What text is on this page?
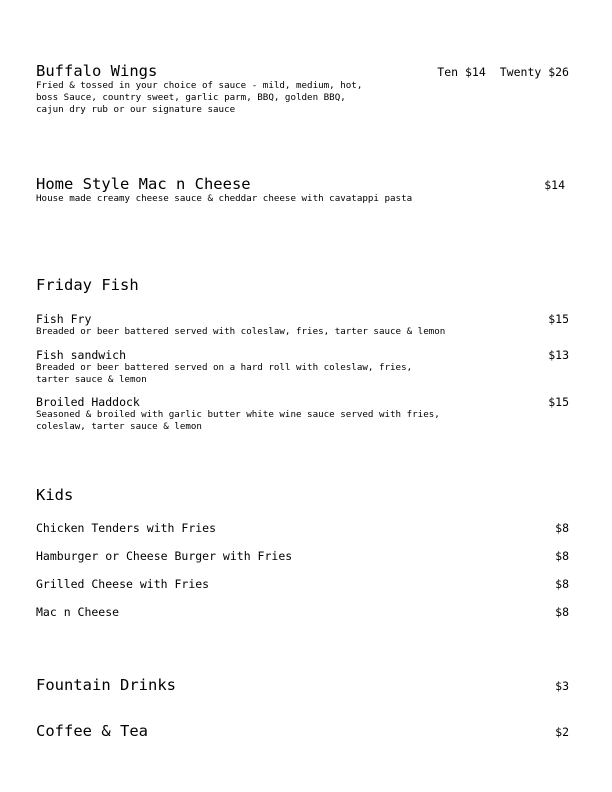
Buffalo Wings	Ten $14 Twenty $26

Fried & tossed in your choice of sauce - mild, medium, hot,
boss Sauce, country sweet, garlic parm, BBQ, golden BBQ,
cajun dry rub or our signature sauce

Home Style Mac n Cheese	$14

House made creamy cheese sauce & cheddar cheese with cavatappi pasta

Friday Fish
Fish Fry	$15

Breaded or beer battered served with coleslaw, fries, tarter sauce & lemon

Fish sandwich	$13

Breaded or beer battered served on a hard roll with coleslaw, fries,
tarter sauce & lemon

Broiled Haddock	$15

Seasoned & broiled with garlic butter white wine sauce served with fries,
coleslaw, tarter sauce & lemon

Kids
Chicken Tenders with Fries	$8
Hamburger or Cheese Burger with Fries	$8
Grilled Cheese with Fries	$8
Mac n Cheese	$8
Fountain Drinks	$3
Coffee & Tea	$2
